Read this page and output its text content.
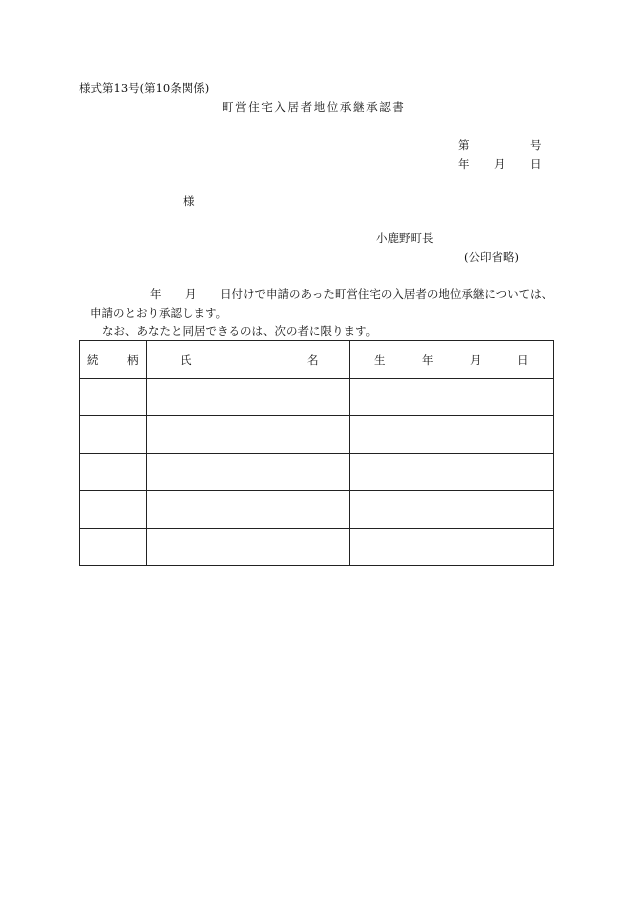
様式第13号(第10条関係)
町営住宅入居者地位承継承認書
第	号
年 月 日
様
小鹿野町長
(公印省略)
年 月 日付けで申請のあった町営住宅の入居者の地位承継については、
申請のとおり承認します。
なお、あなたと同居できるのは、次の者に限ります。
続 柄	氏 名	生 年 月 日
